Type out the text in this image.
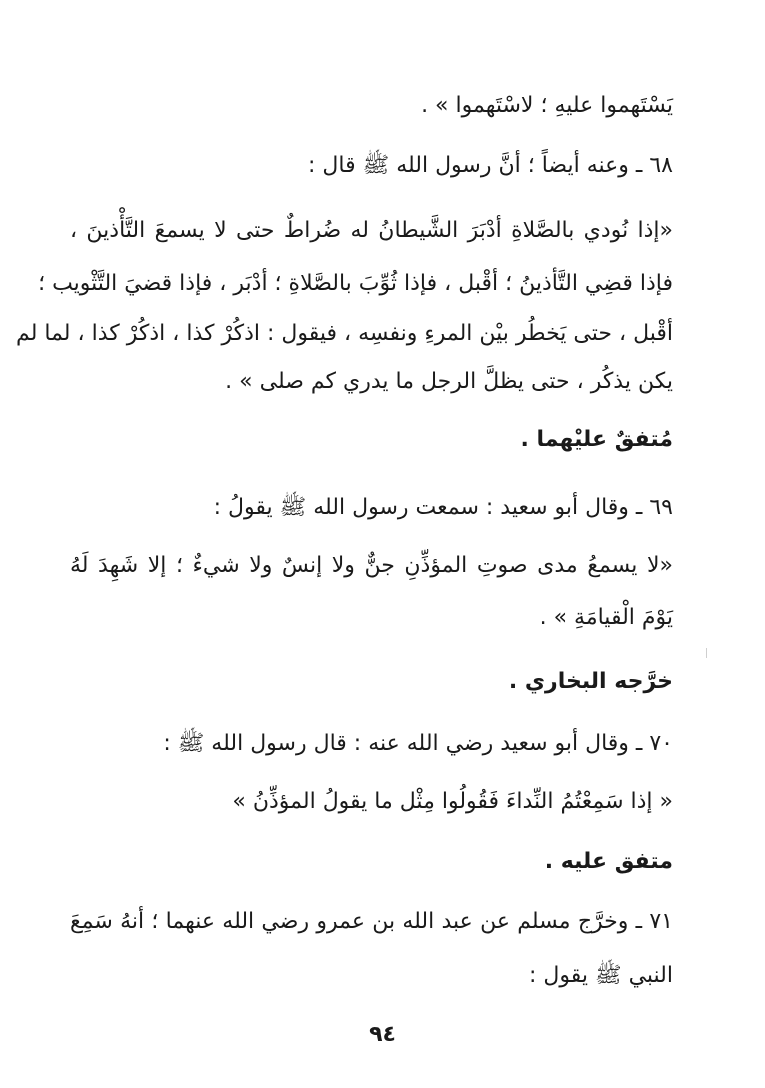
يَسْتَهموا عليهِ ؛ لاسْتَهموا » .
٦٨ ـ وعنه أيضاً ؛ أنَّ رسول الله ﷺ قال :
«إذا نُودي بالصَّلاةِ أدْبَرَ الشَّيطانُ له ضُراطٌ حتى لا يسمعَ التَّأْذينَ ،
فإذا قضِي التَّأذينُ ؛ أقْبل ، فإذا ثُوِّبَ بالصَّلاةِ ؛ أدْبَر ، فإذا قضيَ التَّثْويب ؛
أقْبل ، حتى يَخطُر بيْن المرءِ ونفسِه ، فيقول : اذكُرْ كذا ، اذكُرْ كذا ، لما لم
يكن يذكُر ، حتى يظلَّ الرجل ما يدري كم صلى » .
مُتفقٌ عليْهما .
٦٩ ـ وقال أبو سعيد : سمعت رسول الله ﷺ يقولُ :
«لا يسمعُ مدى صوتِ المؤذِّنِ جنٌّ ولا إنسٌ ولا شيءٌ ؛ إلا شَهِدَ لَهُ
يَوْمَ الْقيامَةِ » .
خرَّجه البخاري .
٧٠ ـ وقال أبو سعيد رضي الله عنه : قال رسول الله ﷺ :
« إذا سَمِعْتُمُ النِّداءَ فَقُولُوا مِثْل ما يقولُ المؤذِّنُ »
متفق عليه .
٧١ ـ وخرَّج مسلم عن عبد الله بن عمرو رضي الله عنهما ؛ أنهُ سَمِعَ
النبي ﷺ يقول :
٩٤
